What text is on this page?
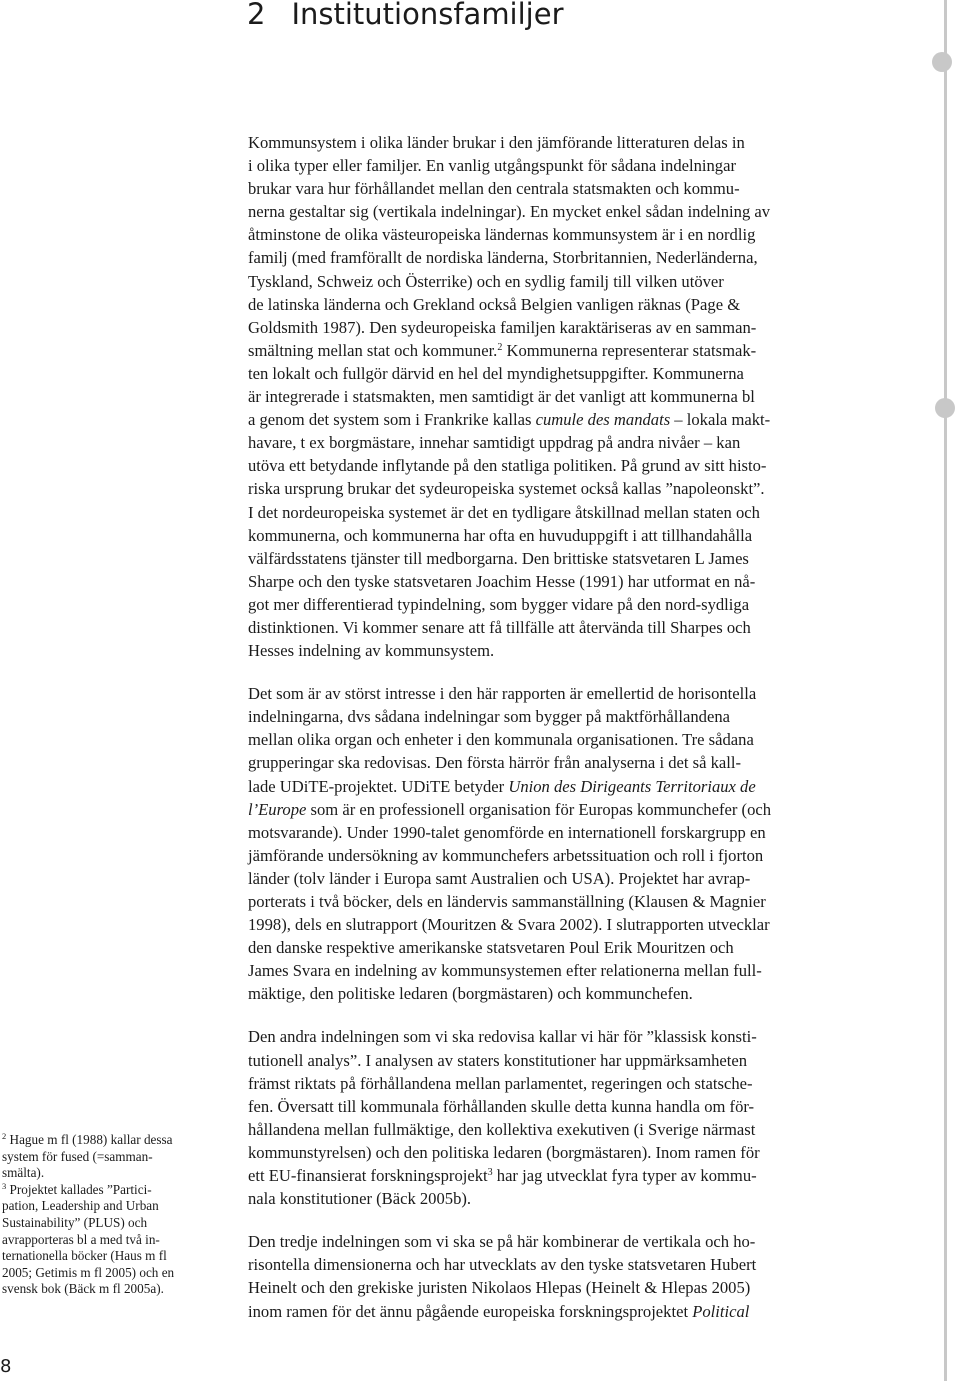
2 Institutionsfamiljer

Kommunsystem i olika länder brukar i den jämförande litteraturen delas in
i olika typer eller familjer. En vanlig utgångspunkt för sådana indelningar
brukar vara hur förhållandet mellan den centrala statsmakten och kommu-
nerna gestaltar sig (vertikala indelningar). En mycket enkel sådan indelning av
åtminstone de olika västeuropeiska ländernas kommunsystem är i en nordlig
familj (med framförallt de nordiska länderna, Storbritannien, Nederländerna,
Tyskland, Schweiz och Österrike) och en sydlig familj till vilken utöver
de latinska länderna och Grekland också Belgien vanligen räknas (Page &
Goldsmith 1987). Den sydeuropeiska familjen karaktäriseras av en samman-
smältning mellan stat och kommuner.$^2$ Kommunerna representerar statsmak-
ten lokalt och fullgör därvid en hel del myndighetsuppgifter. Kommunerna
är integrerade i statsmakten, men samtidigt är det vanligt att kommunerna bl
a genom det system som i Frankrike kallas cumule des mandats – lokala makt-
havare, t ex borgmästare, innehar samtidigt uppdrag på andra nivåer – kan
utöva ett betydande inflytande på den statliga politiken. På grund av sitt histo-
riska ursprung brukar det sydeuropeiska systemet också kallas ”napoleonskt”.
I det nordeuropeiska systemet är det en tydligare åtskillnad mellan staten och
kommunerna, och kommunerna har ofta en huvuduppgift i att tillhandahålla
välfärdsstatens tjänster till medborgarna. Den brittiske statsvetaren L James
Sharpe och den tyske statsvetaren Joachim Hesse (1991) har utformat en nå-
got mer differentierad typindelning, som bygger vidare på den nord-sydliga
distinktionen. Vi kommer senare att få tillfälle att återvända till Sharpes och
Hesses indelning av kommunsystem.

Det som är av störst intresse i den här rapporten är emellertid de horisontella
indelningarna, dvs sådana indelningar som bygger på maktförhållandena
mellan olika organ och enheter i den kommunala organisationen. Tre sådana
grupperingar ska redovisas. Den första härrör från analyserna i det så kall-
lade UDiTE-projektet. UDiTE betyder Union des Dirigeants Territoriaux de
l’Europe som är en professionell organisation för Europas kommunchefer (och
motsvarande). Under 1990-talet genomförde en internationell forskargrupp en
jämförande undersökning av kommunchefers arbetssituation och roll i fjorton
länder (tolv länder i Europa samt Australien och USA). Projektet har avrap-
porterats i två böcker, dels en ländervis sammanställning (Klausen & Magnier
1998), dels en slutrapport (Mouritzen & Svara 2002). I slutrapporten utvecklar
den danske respektive amerikanske statsvetaren Poul Erik Mouritzen och
James Svara en indelning av kommunsystemen efter relationerna mellan full-
mäktige, den politiske ledaren (borgmästaren) och kommunchefen.

Den andra indelningen som vi ska redovisa kallar vi här för ”klassisk konsti-
tutionell analys”. I analysen av staters konstitutioner har uppmärksamheten
främst riktats på förhållandena mellan parlamentet, regeringen och statsche-
fen. Översatt till kommunala förhållanden skulle detta kunna handla om för-
hållandena mellan fullmäktige, den kollektiva exekutiven (i Sverige närmast
kommunstyrelsen) och den politiska ledaren (borgmästaren). Inom ramen för
ett EU-finansierat forskningsprojekt$^3$ har jag utvecklat fyra typer av kommu-
nala konstitutioner (Bäck 2005b).

Den tredje indelningen som vi ska se på här kombinerar de vertikala och ho-
risontella dimensionerna och har utvecklats av den tyske statsvetaren Hubert
Heinelt och den grekiske juristen Nikolaos Hlepas (Heinelt & Hlepas 2005)
inom ramen för det ännu pågående europeiska forskningsprojektet Political

$^2$ Hague m fl (1988) kallar dessa
system för fused (=samman-
smälta).
$^3$ Projektet kallades ”Partici-
pation, Leadership and Urban
Sustainability” (PLUS) och
avrapporteras bl a med två in-
ternationella böcker (Haus m fl
2005; Getimis m fl 2005) och en
svensk bok (Bäck m fl 2005a).
8
